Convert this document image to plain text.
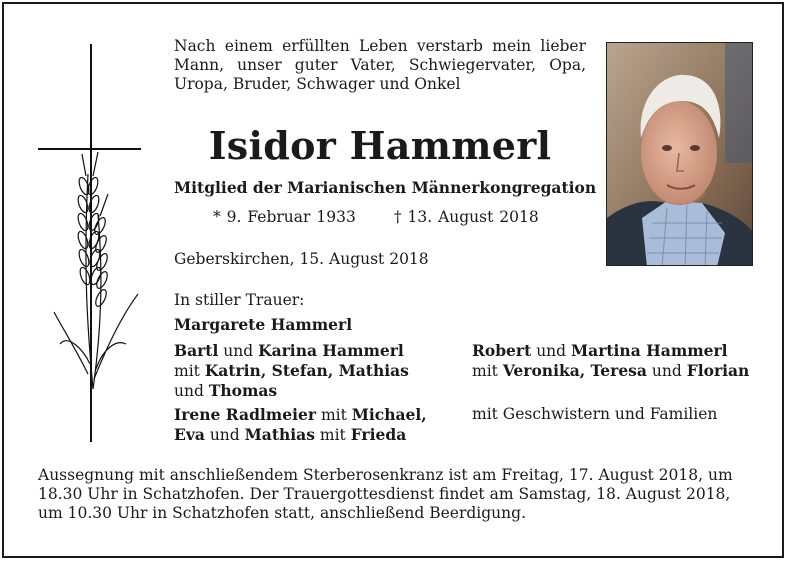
Nach einem erfüllten Leben verstarb mein lieber Mann, unser guter Vater, Schwiegervater, Opa, Uropa, Bruder, Schwager und Onkel
Isidor Hammerl
Mitglied der Marianischen Männerkongregation
* 9. Februar 1933 † 13. August 2018
Geberskirchen, 15. August 2018
In stiller Trauer:
Margarete Hammerl
Bartl und Karina Hammerl
mit Katrin, Stefan, Mathias
und Thomas
Robert und Martina Hammerl
mit Veronika, Teresa und Florian
Irene Radlmeier mit Michael,
Eva und Mathias mit Frieda
mit Geschwistern und Familien
Aussegnung mit anschließendem Sterberosenkranz ist am Freitag, 17. August 2018, um 18.30 Uhr in Schatzhofen. Der Trauergottesdienst findet am Samstag, 18. August 2018, um 10.30 Uhr in Schatzhofen statt, anschließend Beerdigung.
